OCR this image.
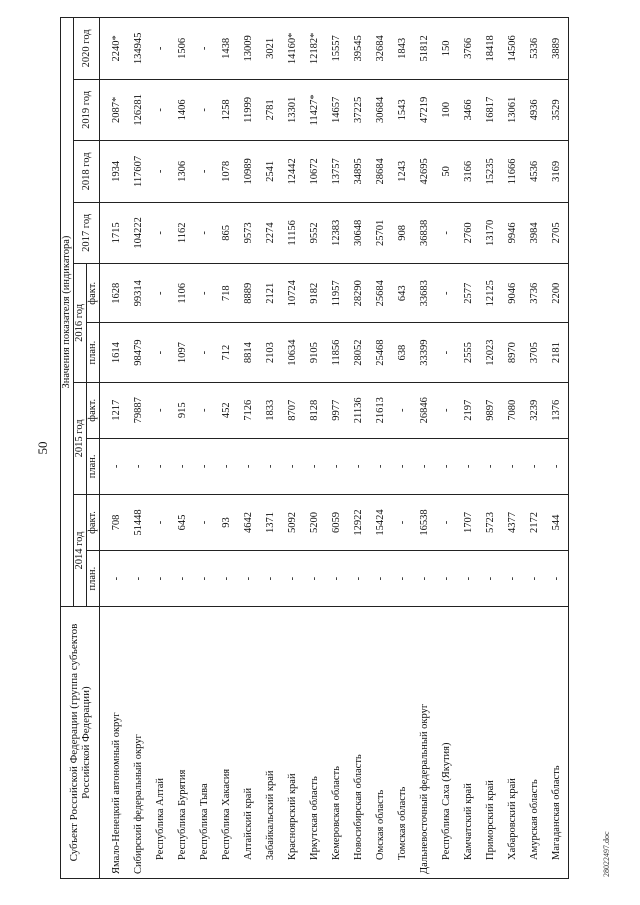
50
Субъект Российской Федерации (группа субъектов Российской Федерации)	Значения показателя (индикатора)									
	2014 год		2015 год		2016 год		2017 год	2018 год	2019 год	2020 год
	план.	факт.	план.	факт.	план.	факт.				
Ямало-Ненецкий автономный округ	-	708	-	1217	1614	1628	1715	1934	2087*	2240*
Сибирский федеральный округ	-	51448	-	79887	98479	99314	104222	117607	126281	134945
Республика Алтай	-	-	-	-	-	-	-	-	-	-
Республика Бурятия	-	645	-	915	1097	1106	1162	1306	1406	1506
Республика Тыва	-	-	-	-	-	-	-	-	-	-
Республика Хакасия	-	93	-	452	712	718	865	1078	1258	1438
Алтайский край	-	4642	-	7126	8814	8889	9573	10989	11999	13009
Забайкальский край	-	1371	-	1833	2103	2121	2274	2541	2781	3021
Красноярский край	-	5092	-	8707	10634	10724	11156	12442	13301	14160*
Иркутская область	-	5200	-	8128	9105	9182	9552	10672	11427*	12182*
Кемеровская область	-	6059	-	9977	11856	11957	12383	13757	14657	15557
Новосибирская область	-	12922	-	21136	28052	28290	30648	34895	37225	39545
Омская область	-	15424	-	21613	25468	25684	25701	28684	30684	32684
Томская область	-	-	-	-	638	643	908	1243	1543	1843
Дальневосточный федеральный округ	-	16538	-	26846	33399	33683	36838	42695	47219	51812
Республика Саха (Якутия)	-	-	-	-	-	-	-	50	100	150
Камчатский край	-	1707	-	2197	2555	2577	2760	3166	3466	3766
Приморский край	-	5723	-	9897	12023	12125	13170	15235	16817	18418
Хабаровский край	-	4377	-	7080	8970	9046	9946	11666	13061	14506
Амурская область	-	2172	-	3239	3705	3736	3984	4536	4936	5336
Магаданская область	-	544	-	1376	2181	2200	2705	3169	3529	3889
28022497.doc
